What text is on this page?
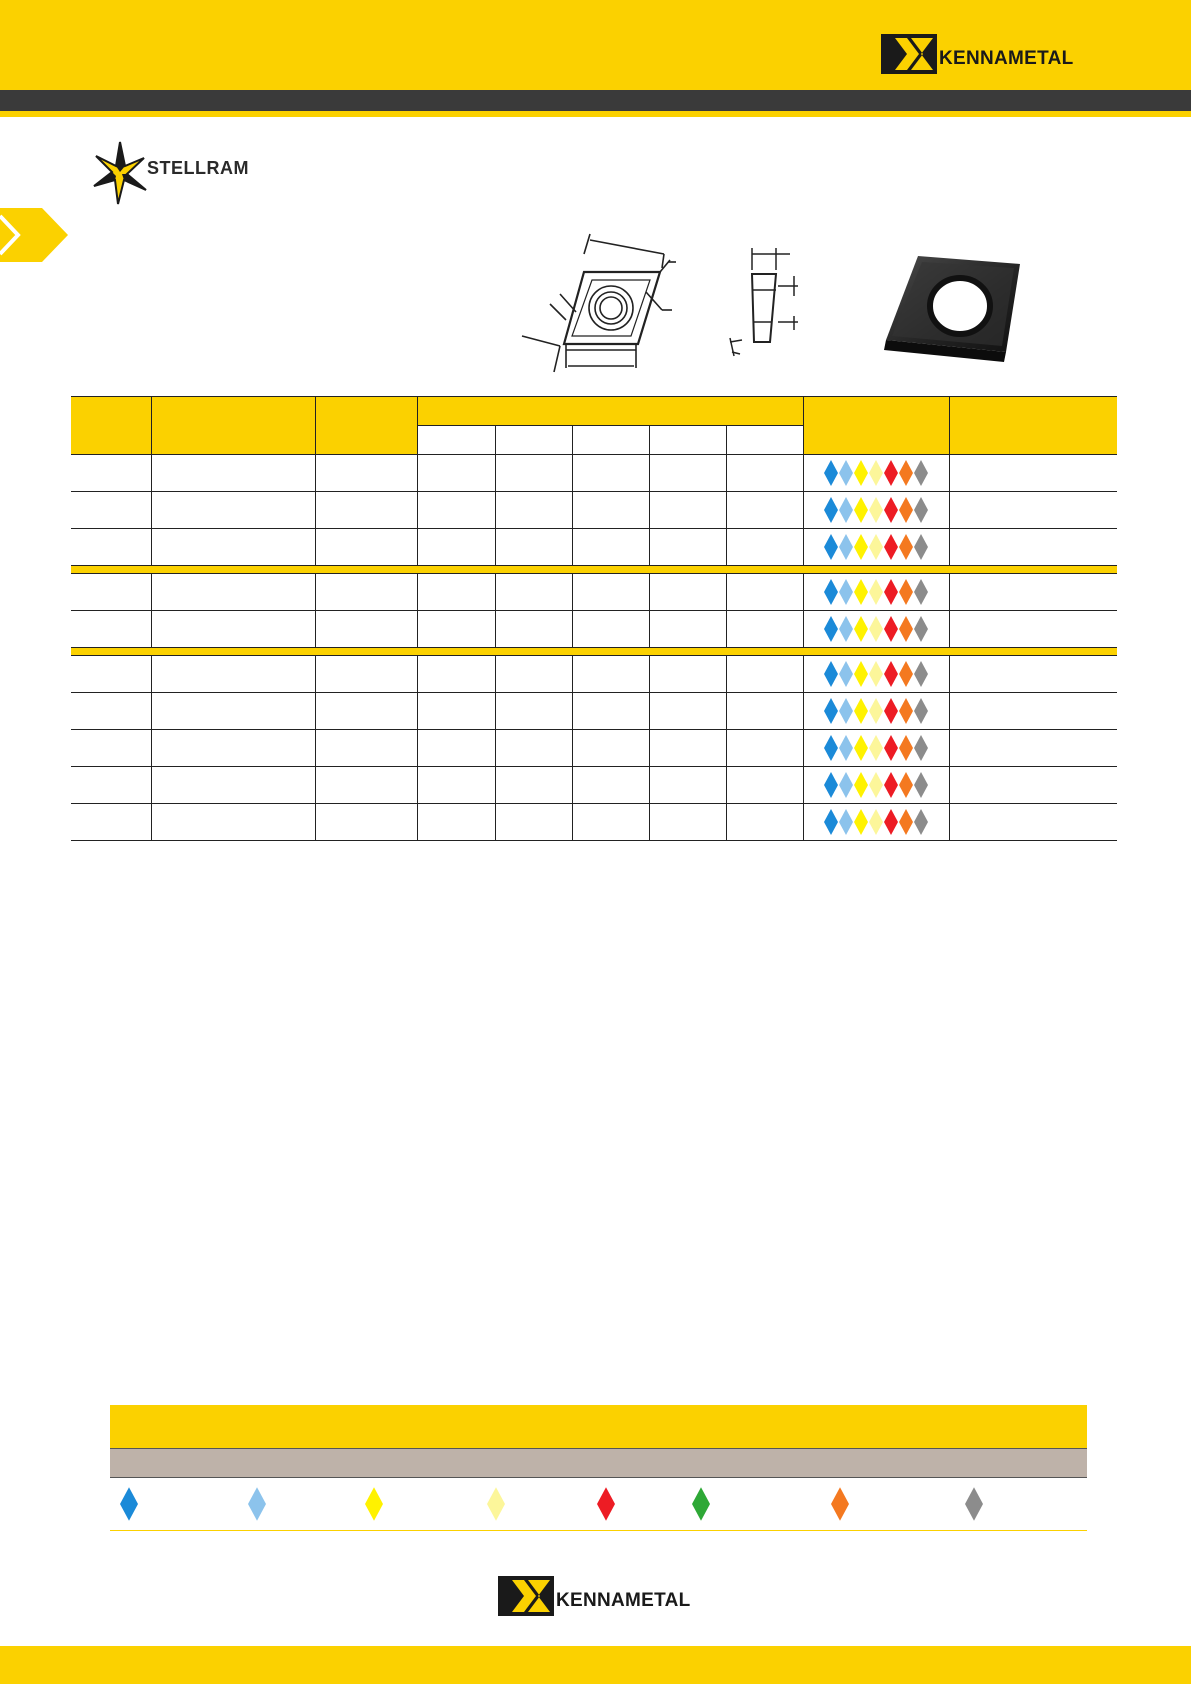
KENNAMETAL
STELLRAM

KENNAMETAL
